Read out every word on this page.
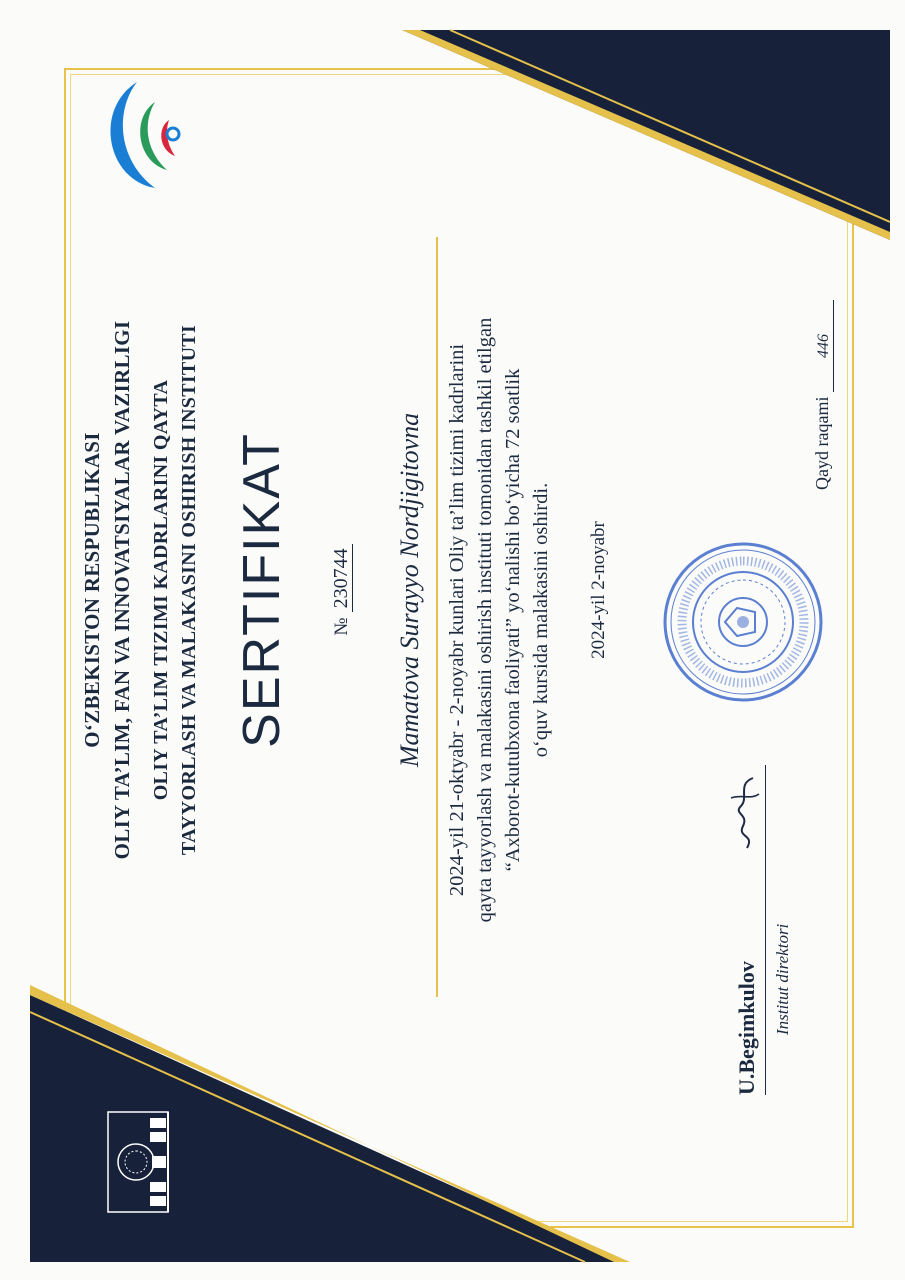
O‘ZBEKISTON RESPUBLIKASI OLIY TA’LIM, FAN VA INNOVATSIYALAR VAZIRLIGI OLIY TA’LIM TIZIMI KADRLARINI QAYTA TAYYORLASH VA MALAKASINI OSHIRISH INSTITUTI SERTIFIKAT № 230744 Mamatova Surayyo Nordjigitovna 2024-yil 21-oktyabr - 2-noyabr kunlari Oliy ta’lim tizimi kadrlarini qayta tayyorlash va malakasini oshirish instituti tomonidan tashkil etilgan “Axborot-kutubxona faoliyati” yo‘nalishi bo‘yicha 72 soatlik o‘quv kursida malakasini oshirdi. 2024-yil 2-noyabr
U.Begimkulov Institut direktori
Qayd raqami 446
